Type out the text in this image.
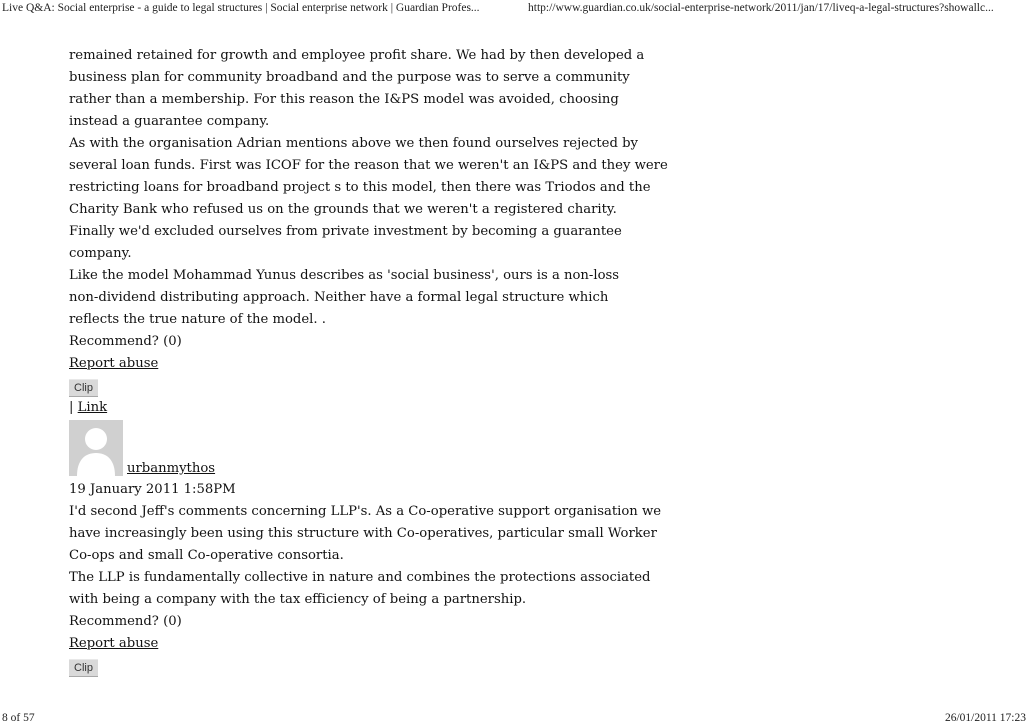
Live Q&A: Social enterprise - a guide to legal structures | Social enterprise network | Guardian Profes...	http://www.guardian.co.uk/social-enterprise-network/2011/jan/17/liveq-a-legal-structures?showallc...
remained retained for growth and employee profit share. We had by then developed a
business plan for community broadband and the purpose was to serve a community
rather than a membership. For this reason the I&PS model was avoided, choosing
instead a guarantee company.
As with the organisation Adrian mentions above we then found ourselves rejected by
several loan funds. First was ICOF for the reason that we weren't an I&PS and they were
restricting loans for broadband project s to this model, then there was Triodos and the
Charity Bank who refused us on the grounds that we weren't a registered charity.
Finally we'd excluded ourselves from private investment by becoming a guarantee
company.
Like the model Mohammad Yunus describes as 'social business', ours is a non-loss
non-dividend distributing approach. Neither have a formal legal structure which
reflects the true nature of the model. .
Recommend? (0)
Report abuse
Clip
| Link
urbanmythos
19 January 2011 1:58PM
I'd second Jeff's comments concerning LLP's. As a Co-operative support organisation we
have increasingly been using this structure with Co-operatives, particular small Worker
Co-ops and small Co-operative consortia.
The LLP is fundamentally collective in nature and combines the protections associated
with being a company with the tax efficiency of being a partnership.
Recommend? (0)
Report abuse
Clip
8 of 57	26/01/2011 17:23
